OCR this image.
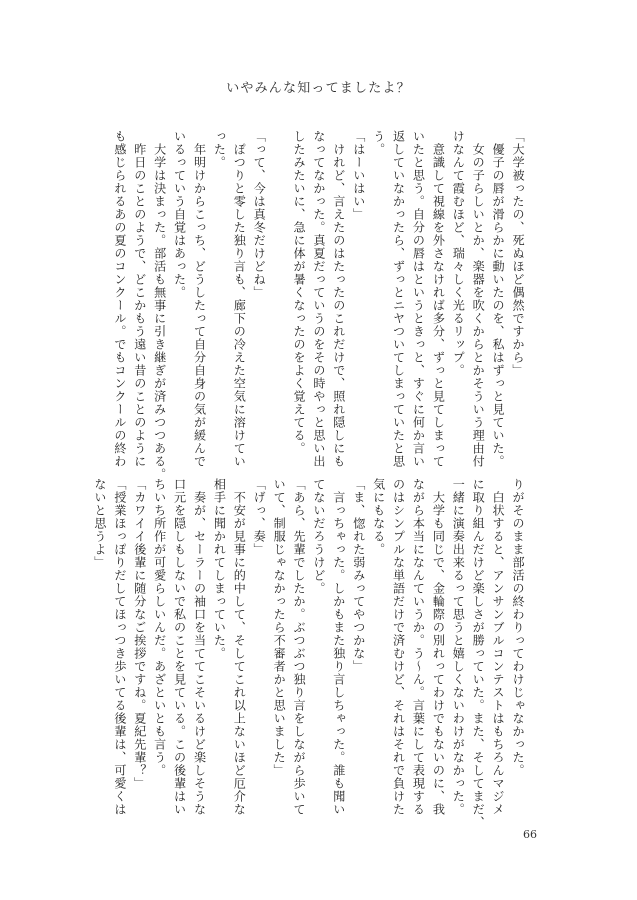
いやみんな知ってましたよ？
「大学被ったの、死ぬほど偶然ですから」
　優子の唇が滑らかに動いたのを、私はずっと見ていた。
　女の子らしいとか、楽器を吹くからとかそういう理由付
けなんて霞むほど、瑞々しく光るリップ。
　意識して視線を外さなければ多分、ずっと見てしまって
いたと思う。自分の唇はというときっと、すぐに何か言い
返していなかったら、ずっとニヤついてしまっていたと思
う。
「はーいはい」
　けれど、言えたのはたったのこれだけで、照れ隠しにも
なってなかった。真夏だっていうのをその時やっと思い出
したみたいに、急に体が暑くなったのをよく覚えてる。

「って、今は真冬だけどね」
　ぽつりと零した独り言も、廊下の冷えた空気に溶けてい
った。
　年明けからこっち、どうしたって自分自身の気が緩んで
いるっていう自覚はあった。
　大学は決まった。部活も無事に引き継ぎが済みつつある。
　昨日のことのようで、どこかもう遠い昔のことのように
も感じられるあの夏のコンクール。でもコンクールの終わ
りがそのまま部活の終わりってわけじゃなかった。
　白状すると、アンサンブルコンテストはもちろんマジメ
に取り組んだけど楽しさが勝っていた。また、そしてまだ、
一緒に演奏出来るって思うと嬉しくないわけがなかった。
　大学も同じで、金輪際の別れってわけでもないのに、我
ながら本当になんていうか。う〜ん。言葉にして表現する
のはシンプルな単語だけで済むけど、それはそれで負けた
気にもなる。
「ま、惚れた弱みってやつかな」
　言っちゃった。しかもまた独り言しちゃった。誰も聞い
てないだろうけど。
「あら、先輩でしたか。ぶつぶつ独り言をしながら歩いて
いて、制服じゃなかったら不審者かと思いました」
「げっ、奏」
　不安が見事に的中して、そしてこれ以上ないほど厄介な
相手に聞かれてしまっていた。
　奏が、セーラーの袖口を当ててこそいるけど楽しそうな
口元を隠しもしないで私のことを見ている。この後輩はい
ちいち所作が可愛らしいんだ。あざといとも言う。
「カワイイ後輩に随分なご挨拶ですね。夏紀先輩？」
「授業ほっぽりだしてほっつき歩いてる後輩は、可愛くは
ないと思うよ」
66
